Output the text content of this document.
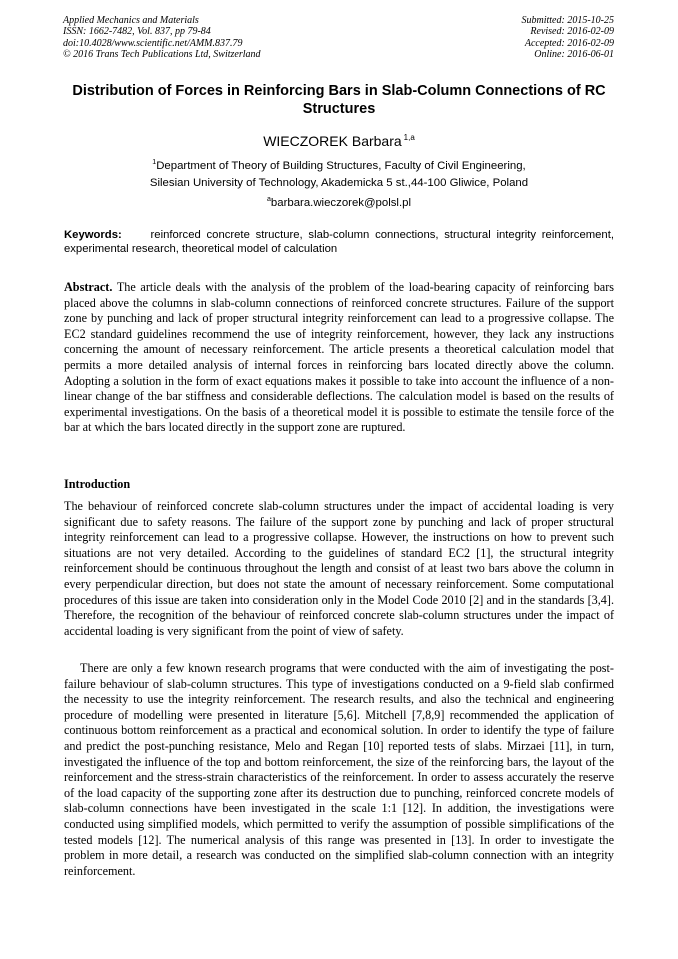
Applied Mechanics and Materials
ISSN: 1662-7482, Vol. 837, pp 79-84
doi:10.4028/www.scientific.net/AMM.837.79
© 2016 Trans Tech Publications Ltd, Switzerland
Submitted: 2015-10-25
Revised: 2016-02-09
Accepted: 2016-02-09
Online: 2016-06-01
Distribution of Forces in Reinforcing Bars in Slab-Column Connections of RC Structures
WIECZOREK Barbara $^{1,a}$
$^1$Department of Theory of Building Structures, Faculty of Civil Engineering,
Silesian University of Technology, Akademicka 5 st.,44-100 Gliwice, Poland
$^a$barbara.wieczorek@polsl.pl

Keywords:	reinforced concrete structure, slab-column connections, structural integrity reinforcement, experimental research, theoretical model of calculation

Abstract. The article deals with the analysis of the problem of the load-bearing capacity of reinforcing bars placed above the columns in slab-column connections of reinforced concrete structures. Failure of the support zone by punching and lack of proper structural integrity reinforcement can lead to a progressive collapse. The EC2 standard guidelines recommend the use of integrity reinforcement, however, they lack any instructions concerning the amount of necessary reinforcement. The article presents a theoretical calculation model that permits a more detailed analysis of internal forces in reinforcing bars located directly above the column. Adopting a solution in the form of exact equations makes it possible to take into account the influence of a non-linear change of the bar stiffness and considerable deflections. The calculation model is based on the results of experimental investigations. On the basis of a theoretical model it is possible to estimate the tensile force of the bar at which the bars located directly in the support zone are ruptured.

Introduction

The behaviour of reinforced concrete slab-column structures under the impact of accidental loading is very significant due to safety reasons. The failure of the support zone by punching and lack of proper structural integrity reinforcement can lead to a progressive collapse. However, the instructions on how to prevent such situations are not very detailed. According to the guidelines of standard EC2 [1], the structural integrity reinforcement should be continuous throughout the length and consist of at least two bars above the column in every perpendicular direction, but does not state the amount of necessary reinforcement. Some computational procedures of this issue are taken into consideration only in the Model Code 2010 [2] and in the standards [3,4]. Therefore, the recognition of the behaviour of reinforced concrete slab-column structures under the impact of accidental loading is very significant from the point of view of safety.

There are only a few known research programs that were conducted with the aim of investigating the post-failure behaviour of slab-column structures. This type of investigations conducted on a 9-field slab confirmed the necessity to use the integrity reinforcement. The research results, and also the technical and engineering procedure of modelling were presented in literature [5,6]. Mitchell [7,8,9] recommended the application of continuous bottom reinforcement as a practical and economical solution. In order to identify the type of failure and predict the post-punching resistance, Melo and Regan [10] reported tests of slabs. Mirzaei [11], in turn, investigated the influence of the top and bottom reinforcement, the size of the reinforcing bars, the layout of the reinforcement and the stress-strain characteristics of the reinforcement. In order to assess accurately the reserve of the load capacity of the supporting zone after its destruction due to punching, reinforced concrete models of slab-column connections have been investigated in the scale 1:1 [12]. In addition, the investigations were conducted using simplified models, which permitted to verify the assumption of possible simplifications of the tested models [12]. The numerical analysis of this range was presented in [13]. In order to investigate the problem in more detail, a research was conducted on the simplified slab-column connection with an integrity reinforcement.
